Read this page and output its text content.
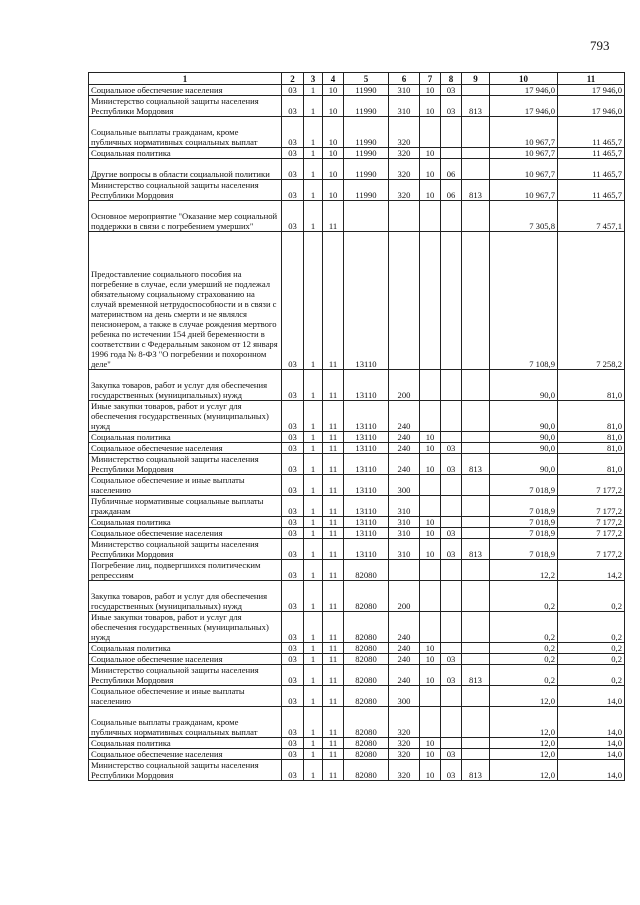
793
1	2	3	4	5	6	7	8	9	10	11
Социальное обеспечение населения	03	1	10	11990	310	10	03		17 946,0	17 946,0
Министерство социальной защиты населения Республики Мордовия	03	1	10	11990	310	10	03	813	17 946,0	17 946,0
Социальные выплаты гражданам, кроме публичных нормативных социальных выплат	03	1	10	11990	320				10 967,7	11 465,7
Социальная политика	03	1	10	11990	320	10			10 967,7	11 465,7
Другие вопросы в области социальной политики	03	1	10	11990	320	10	06		10 967,7	11 465,7
Министерство социальной защиты населения Республики Мордовия	03	1	10	11990	320	10	06	813	10 967,7	11 465,7
Основное мероприятие "Оказание мер социальной поддержки в связи с погребением умерших"	03	1	11						7 305,8	7 457,1
Предоставление социального пособия на погребение в случае, если умерший не подлежал обязательному социальному страхованию на случай временной нетрудоспособности и в связи с материнством на день смерти и не являлся пенсионером, а также в случае рождения мертвого ребенка по истечении 154 дней беременности в соответствии с Федеральным законом от 12 января 1996 года № 8-ФЗ "О погребении и похоронном деле"	03	1	11	13110					7 108,9	7 258,2
Закупка товаров, работ и услуг для обеспечения государственных (муниципальных) нужд	03	1	11	13110	200				90,0	81,0
Иные закупки товаров, работ и услуг для обеспечения государственных (муниципальных) нужд	03	1	11	13110	240				90,0	81,0
Социальная политика	03	1	11	13110	240	10			90,0	81,0
Социальное обеспечение населения	03	1	11	13110	240	10	03		90,0	81,0
Министерство социальной защиты населения Республики Мордовия	03	1	11	13110	240	10	03	813	90,0	81,0
Социальное обеспечение и иные выплаты населению	03	1	11	13110	300				7 018,9	7 177,2
Публичные нормативные социальные выплаты гражданам	03	1	11	13110	310				7 018,9	7 177,2
Социальная политика	03	1	11	13110	310	10			7 018,9	7 177,2
Социальное обеспечение населения	03	1	11	13110	310	10	03		7 018,9	7 177,2
Министерство социальной защиты населения Республики Мордовия	03	1	11	13110	310	10	03	813	7 018,9	7 177,2
Погребение лиц, подвергшихся политическим репрессиям	03	1	11	82080					12,2	14,2
Закупка товаров, работ и услуг для обеспечения государственных (муниципальных) нужд	03	1	11	82080	200				0,2	0,2
Иные закупки товаров, работ и услуг для обеспечения государственных (муниципальных) нужд	03	1	11	82080	240				0,2	0,2
Социальная политика	03	1	11	82080	240	10			0,2	0,2
Социальное обеспечение населения	03	1	11	82080	240	10	03		0,2	0,2
Министерство социальной защиты населения Республики Мордовия	03	1	11	82080	240	10	03	813	0,2	0,2
Социальное обеспечение и иные выплаты населению	03	1	11	82080	300				12,0	14,0
Социальные выплаты гражданам, кроме публичных нормативных социальных выплат	03	1	11	82080	320				12,0	14,0
Социальная политика	03	1	11	82080	320	10			12,0	14,0
Социальное обеспечение населения	03	1	11	82080	320	10	03		12,0	14,0
Министерство социальной защиты населения Республики Мордовия	03	1	11	82080	320	10	03	813	12,0	14,0
